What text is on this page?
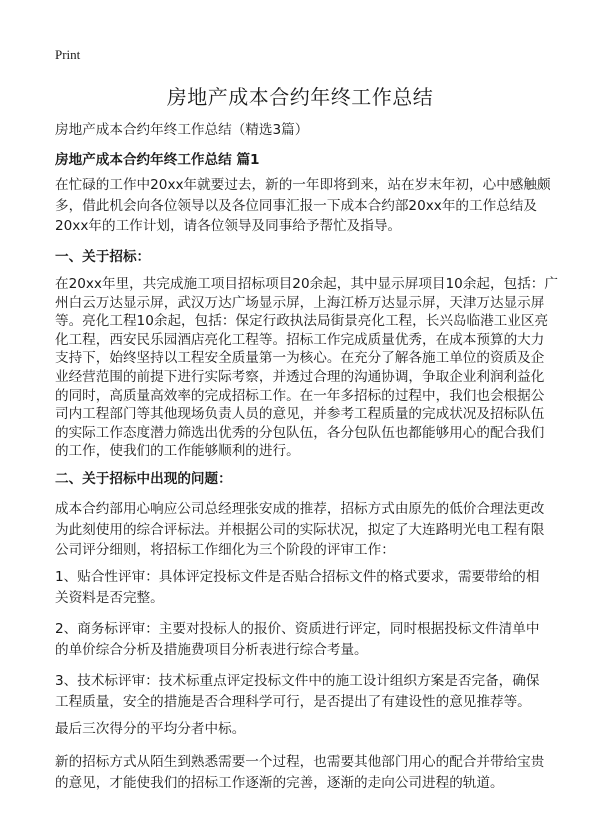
Print
房地产成本合约年终工作总结
房地产成本合约年终工作总结（精选3篇）
房地产成本合约年终工作总结 篇1
在忙碌的工作中20xx年就要过去，新的一年即将到来，站在岁末年初，心中感触颇
多，借此机会向各位领导以及各位同事汇报一下成本合约部20xx年的工作总结及
20xx年的工作计划，请各位领导及同事给予帮忙及指导。
一、关于招标：
在20xx年里，共完成施工项目招标项目20余起，其中显示屏项目10余起，包括：广
州白云万达显示屏，武汉万达广场显示屏，上海江桥万达显示屏，天津万达显示屏
等。亮化工程10余起，包括：保定行政执法局街景亮化工程，长兴岛临港工业区亮
化工程，西安民乐园酒店亮化工程等。招标工作完成质量优秀，在成本预算的大力
支持下，始终坚持以工程安全质量第一为核心。在充分了解各施工单位的资质及企
业经营范围的前提下进行实际考察，并透过合理的沟通协调，争取企业利润利益化
的同时，高质量高效率的完成招标工作。在一年多招标的过程中，我们也会根据公
司内工程部门等其他现场负责人员的意见，并参考工程质量的完成状况及招标队伍
的实际工作态度潜力筛选出优秀的分包队伍，各分包队伍也都能够用心的配合我们
的工作，使我们的工作能够顺利的进行。
二、关于招标中出现的问题：
成本合约部用心响应公司总经理张安成的推荐，招标方式由原先的低价合理法更改
为此刻使用的综合评标法。并根据公司的实际状况，拟定了大连路明光电工程有限
公司评分细则，将招标工作细化为三个阶段的评审工作：
1、贴合性评审：具体评定投标文件是否贴合招标文件的格式要求，需要带给的相
关资料是否完整。
2、商务标评审：主要对投标人的报价、资质进行评定，同时根据投标文件清单中
的单价综合分析及措施费项目分析表进行综合考量。
3、技术标评审：技术标重点评定投标文件中的施工设计组织方案是否完备，确保
工程质量，安全的措施是否合理科学可行，是否提出了有建设性的意见推荐等。
最后三次得分的平均分者中标。
新的招标方式从陌生到熟悉需要一个过程，也需要其他部门用心的配合并带给宝贵
的意见，才能使我们的招标工作逐渐的完善，逐渐的走向公司进程的轨道。
